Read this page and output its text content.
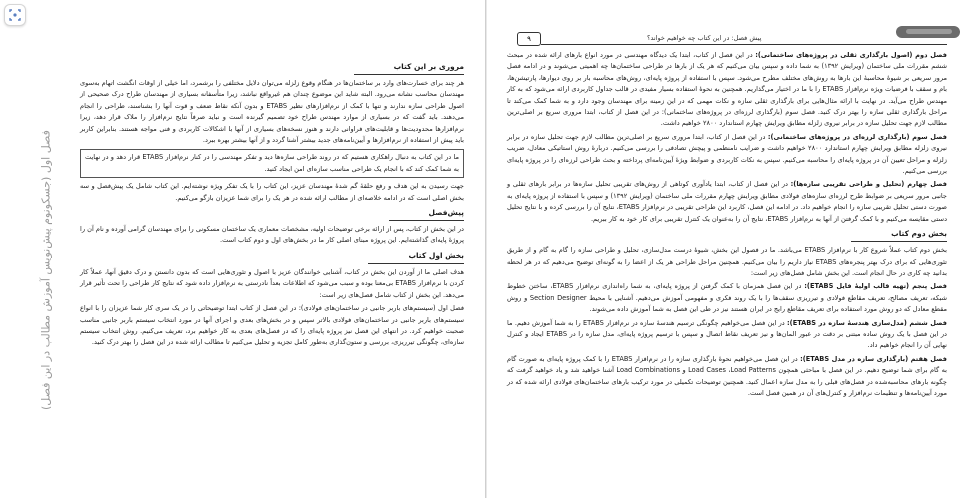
فصل اول (جسکونوم پیش‌نویس آموزش مطالب در این فصل)
مروری بر این کتاب

هر چند برای خسارت‌های وارد بر ساختمان‌ها در هنگام وقوع زلزله می‌توان دلایل مختلفی را برشمرد، اما خیلی از اوقات انگشت اتهام به‌سوی مهندسان محاسب نشانه می‌رود. البته شاید این موضوع چندان هم غیرواقع نباشد، زیرا متأسفانه بسیاری از مهندسان طراح درک صحیحی از اصول طراحی سازه ندارند و تنها با کمک از نرم‌افزارهای نظیر ETABS و بدون آنکه نقاط ضعف و قوت آنها را بشناسند، طراحی را انجام می‌دهند. باید گفت که در بسیاری از موارد مهندس طراح خود تصمیم گیرنده است و نباید صرفاً نتایج نرم‌افزار را ملاک قرار دهد، زیرا نرم‌افزارها محدودیت‌ها و قابلیت‌های فراوانی دارند و هنوز نسخه‌های بسیاری از آنها با اشکالات کاربردی و فنی مواجه هستند. بنابراین کاربر باید پیش از استفاده از نرم‌افزارها و آیین‌نامه‌های جدید بیشتر آشنا گردد و از آنها بیشتر بهره ببرد.

ما در این کتاب به دنبال راهکاری هستیم که در روند طراحی سازه‌ها دید و تفکر مهندسی را در کنار نرم‌افزار ETABS قرار دهد و در نهایت به شما کمک کند که با انجام یک طراحی مناسب سازه‌ای امن ایجاد کنید.

جهت رسیدن به این هدف و رفع حلقهٔ گم شدهٔ مهندسان عزیز، این کتاب را با یک تفکر ویژه نوشته‌ایم. این کتاب شامل یک پیش‌فصل و سه بخش اصلی است که در ادامه خلاصه‌ای از مطالب ارائه شده در هر یک را برای شما عزیزان بازگو می‌کنیم.

پیش‌فصل

در این بخش از کتاب، پس از ارائه برخی توضیحات اولیه، مشخصات معماری یک ساختمان مسکونی را برای مهندسان گرامی آورده و نام آن را پروژهٔ پایه‌ای گذاشته‌ایم. این پروژه مبنای اصلی کار ما در بخش‌های اول و دوم کتاب است.

بخش اول کتاب

هدف اصلی ما از آوردن این بخش در کتاب، آشنایی خوانندگان عزیز با اصول و تئوری‌هایی است که بدون دانستن و درک دقیق آنها، عملاً کار کردن با نرم‌افزار ETABS بی‌معنا بوده و سبب می‌شود که اطلاعات بعداً نادرستی به نرم‌افزار داده شود که نتایج کار طراحی را تحت تأثیر قرار می‌دهد. این بخش از کتاب شامل فصل‌های زیر است:

فصل اول (سیستم‌های باربر جانبی در ساختمان‌های فولادی): در این فصل از کتاب ابتدا توضیحاتی را در یک سری کار شما عزیزان را با انواع سیستم‌های باربر جانبی در ساختمان‌های فولادی بالاتر سپس و در بخش‌های بعدی و اجرای آنها در مورد انتخاب سیستم باربر جانبی مناسب صحبت خواهیم کرد. در انتهای این فصل نیز پروژه پایه‌ای را که در فصل‌های بعدی به کار خواهیم برد، تعریف می‌کنیم. روش انتخاب سیستم سازه‌ای، چگونگی تیرریزی، بررسی و ستون‌گذاری به‌طور کامل تجزیه و تحلیل می‌کنیم تا مطالب ارائه شده در این فصل را بهتر درک کنید.

۹	پیش فصل: در این کتاب چه خواهیم خواند؟

فصل دوم (اصول بارگذاری ثقلی در پروژه‌های ساختمانی): در این فصل از کتاب، ابتدا یک دیدگاه مهندسی در مورد انواع بارهای ارائه شده در مبحث ششم مقررات ملی ساختمان (ویرایش ۱۳۹۲) به شما داده و سپس بیان می‌کنیم که هر یک از بارها در طراحی ساختمان‌ها چه اهمیتی می‌شوند و در ادامه فصل مرور سریعی بر شیوهٔ محاسبهٔ این بارها به روش‌های مختلف مطرح می‌شود. سپس با استفاده از پروژه پایه‌ای، روش‌های محاسبه بار بر روی دیوارها، پارتیشن‌ها، بام و سقف با فرضیات ویژه نرم‌افزار ETABS را با ما در اختیار می‌گذاریم. همچنین به نحوهٔ استفاده بسیار مفیدی در قالب جداول کاربردی ارائه می‌شود که به کار مهندس طراح می‌آید. در نهایت با ارائه مثال‌هایی برای بارگذاری ثقلی سازه و نکات مهمی که در این زمینه برای مهندسان وجود دارد و به شما کمک می‌کند تا مراحل بارگذاری ثقلی سازه را بهتر درک کنید. فصل سوم (بارگذاری لرزه‌ای در پروژه‌های ساختمانی): در این فصل از کتاب، ابتدا مروری سریع بر اصلی‌ترین مطالب لازم جهت تحلیل سازه در برابر نیروی زلزله مطابق ویرایش چهارم استاندارد ۲۸۰۰ خواهیم داشت.

فصل سوم (بارگذاری لرزه‌ای در پروژه‌های ساختمانی): در این فصل از کتاب، ابتدا مروری سریع بر اصلی‌ترین مطالب لازم جهت تحلیل سازه در برابر نیروی زلزله مطابق ویرایش چهارم استاندارد ۲۸۰۰ خواهیم داشت و ضرایب نامنظمی و پیچش تصادفی را بررسی می‌کنیم. دربارهٔ روش استاتیکی معادل، ضریب زلزله و مراحل تعیین آن در پروژه پایه‌ای را محاسبه می‌کنیم. سپس به نکات کاربردی و ضوابط ویژهٔ آیین‌نامه‌ای پرداخته و بحث طراحی لرزه‌ای را در پروژه پایه‌ای بررسی می‌کنیم.

فصل چهارم (تحلیل و طراحی تقریبی سازه‌ها): در این فصل از کتاب، ابتدا یادآوری کوتاهی از روش‌های تقریبی تحلیل سازه‌ها در برابر بارهای ثقلی و جانبی مرور سریعی بر ضوابط طرح لرزه‌ای سازه‌های فولادی مطابق ویرایش چهارم مقررات ملی ساختمان (ویرایش ۱۳۹۲) و سپس با استفاده از پروژه پایه‌ای به صورت دستی تحلیل تقریبی سازه را انجام خواهیم داد. در ادامه این فصل، کاربرد این طراحی تقریبی در نرم‌افزار ETABS، نتایج آن را بررسی کرده و با نتایج تحلیل دستی مقایسه می‌کنیم و با کمک گرفتن از آنها به نرم‌افزار ETABS، نتایج آن را به‌عنوان یک کنترل تقریبی برای کار خود به کار ببریم.

بخش دوم کتاب

بخش دوم کتاب عملاً شروع کار با نرم‌افزار ETABS می‌باشد. ما در فصول این بخش، شیوهٔ درست مدل‌سازی، تحلیل و طراحی سازه را گام به گام و از طریق تئوری‌هایی که برای درک بهتر پنجره‌های ETABS نیاز داریم را بیان می‌کنیم. همچنین مراحل طراحی هر یک از اعضا را به گونه‌ای توضیح می‌دهیم که در هر لحظه بدانید چه کاری در حال انجام است. این بخش شامل فصل‌های زیر است:

فصل پنجم (تهیه قالب اولیهٔ فایل ETABS): در این فصل همزمان با کمک گرفتن از پروژه پایه‌ای، به شما راه‌اندازی نرم‌افزار ETABS، ساختن خطوط شبکه، تعریف مصالح، تعریف مقاطع فولادی و تیرریزی سقف‌ها را با یک روند فکری و مفهومی آموزش می‌دهیم. آشنایی با محیط Section Designer و روش مقطع معادل که دو روش مورد استفاده برای تعریف مقاطع رایج در ایران هستند نیز در طی این فصل به شما آموزش داده می‌شوند.

فصل ششم (مدل‌سازی هندسهٔ سازه در ETABS): در این فصل می‌خواهیم چگونگی ترسیم هندسهٔ سازه در نرم‌افزار ETABS را به شما آموزش دهیم. ما در این فصل با یک روش ساده مبتنی بر دقت در عبور المان‌ها و نیز تعریف نقاط اتصال و سپس با ترسیم پروژه پایه‌ای، مدل سازه را در ETABS ایجاد و کنترل نهایی آن را انجام خواهیم داد.

فصل هفتم (بارگذاری سازه در مدل ETABS): در این فصل می‌خواهیم نحوهٔ بارگذاری سازه را در نرم‌افزار ETABS را با کمک پروژه پایه‌ای به صورت گام به گام برای شما توضیح دهیم. در این فصل با مباحثی همچون Load Cases ،Load Patterns و Load Combinations آشنا خواهید شد و یاد خواهید گرفت که چگونه بارهای محاسبه‌شده در فصل‌های قبلی را به مدل سازه اعمال کنید. همچنین توضیحات تکمیلی در مورد ترکیب بارهای ساختمان‌های فولادی ارائه شده که در مورد آیین‌نامه‌ها و تنظیمات نرم‌افزار و کنترل‌های آن در همین فصل است.
